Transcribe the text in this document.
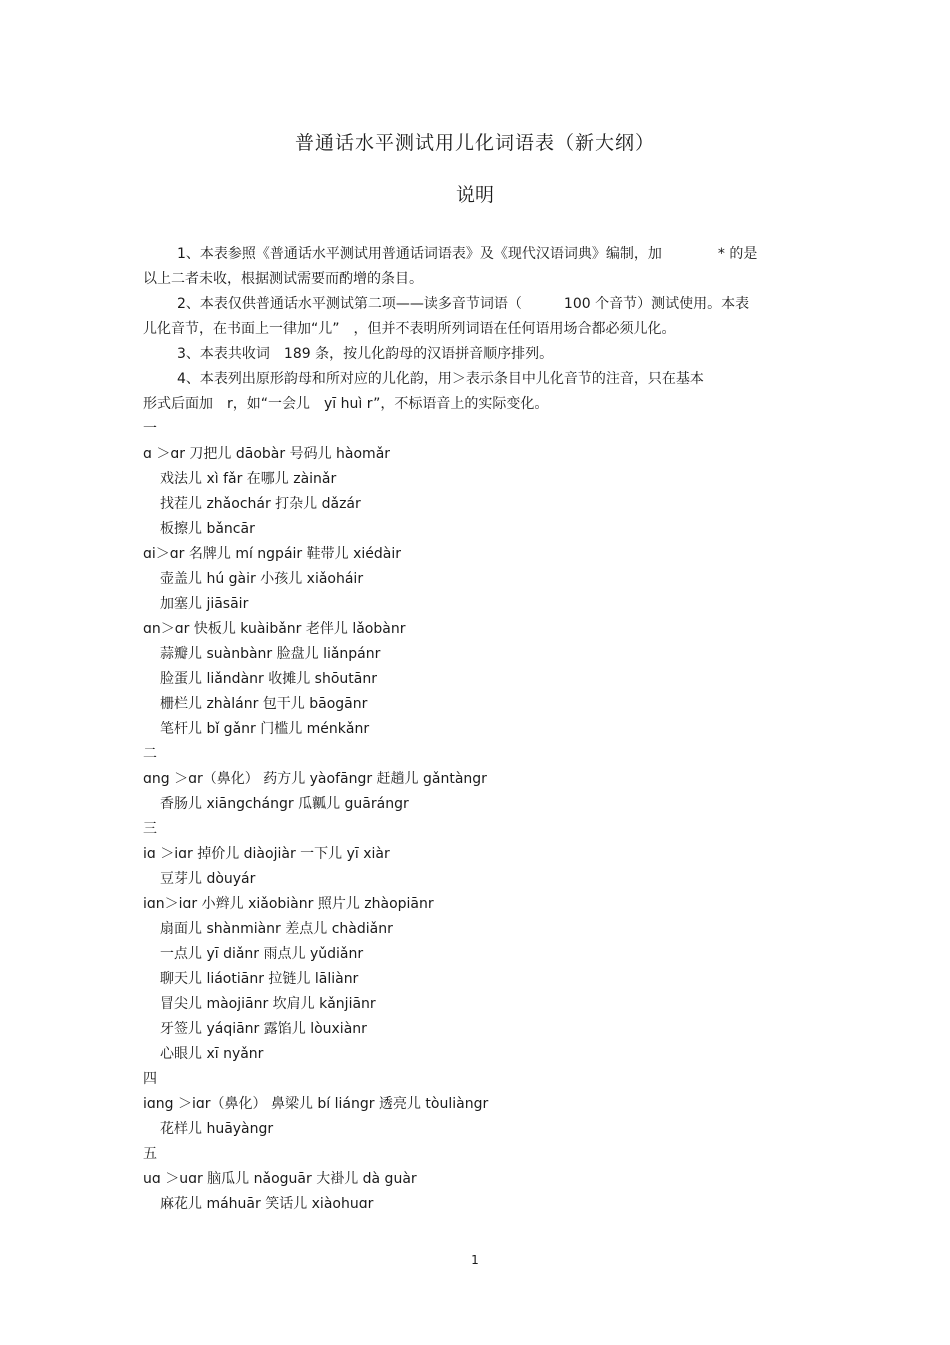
普通话水平测试用儿化词语表（新大纲）
说明

1、本表参照《普通话水平测试用普通话词语表》及《现代汉语词典》编制，加　　　　* 的是

以上二者未收，根据测试需要而酌增的条目。

2、本表仅供普通话水平测试第二项——读多音节词语（　　　100 个音节）测试使用。本表

儿化音节，在书面上一律加“儿”　，但并不表明所列词语在任何语用场合都必须儿化。

3、本表共收词　189 条，按儿化韵母的汉语拼音顺序排列。

4、本表列出原形韵母和所对应的儿化韵，用＞表示条目中儿化音节的注音，只在基本

形式后面加　r，如“一会儿　yī huì r”，不标语音上的实际变化。

一
ɑ ＞ɑr 刀把儿 dāobàr 号码儿 hàomǎr
戏法儿 xì fǎr 在哪儿 zàinǎr
找茬儿 zhǎochár 打杂儿 dǎzár
板擦儿 bǎncār
ɑi＞ɑr 名牌儿 mí ngpáir 鞋带儿 xiédàir
壶盖儿 hú gàir 小孩儿 xiǎoháir
加塞儿 jiāsāir
ɑn＞ɑr 快板儿 kuàibǎnr 老伴儿 lǎobànr
蒜瓣儿 suànbànr 脸盘儿 liǎnpánr
脸蛋儿 liǎndànr 收摊儿 shōutānr
栅栏儿 zhàlánr 包干儿 bāogānr
笔杆儿 bǐ gǎnr 门槛儿 ménkǎnr
二
ɑng ＞ɑr（鼻化） 药方儿 yàofāngr 赶趟儿 gǎntàngr
香肠儿 xiāngchángr 瓜瓤儿 guārángr
三
iɑ ＞iɑr 掉价儿 diàojiàr 一下儿 yī xiàr
豆芽儿 dòuyár
iɑn＞iɑr 小辫儿 xiǎobiànr 照片儿 zhàopiānr
扇面儿 shànmiànr 差点儿 chàdiǎnr
一点儿 yī diǎnr 雨点儿 yǔdiǎnr
聊天儿 liáotiānr 拉链儿 lāliànr
冒尖儿 màojiānr 坎肩儿 kǎnjiānr
牙签儿 yáqiānr 露馅儿 lòuxiànr
心眼儿 xī nyǎnr
四
iɑng ＞iɑr（鼻化） 鼻梁儿 bí liángr 透亮儿 tòuliàngr
花样儿 huāyàngr
五
uɑ ＞uɑr 脑瓜儿 nǎoguār 大褂儿 dà guàr
麻花儿 máhuār 笑话儿 xiàohuɑr
1
